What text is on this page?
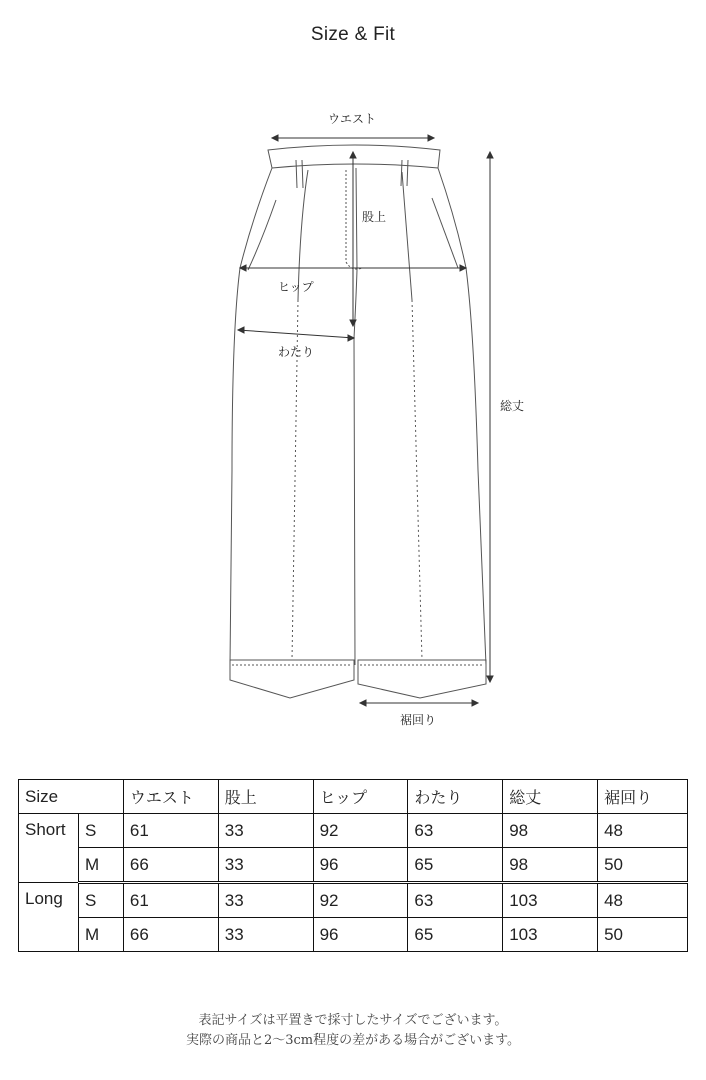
Size & Fit
ウエスト
股上
ヒップ
わたり
総丈
裾回り
Size		ウエスト	股上	ヒップ	わたり	総丈	裾回り
Short	S	61	33	92	63	98	48
	M	66	33	96	65	98	50
Long	S	61	33	92	63	103	48
	M	66	33	96	65	103	50
表記サイズは平置きで採寸したサイズでございます。
実際の商品と2〜3cm程度の差がある場合がございます。
